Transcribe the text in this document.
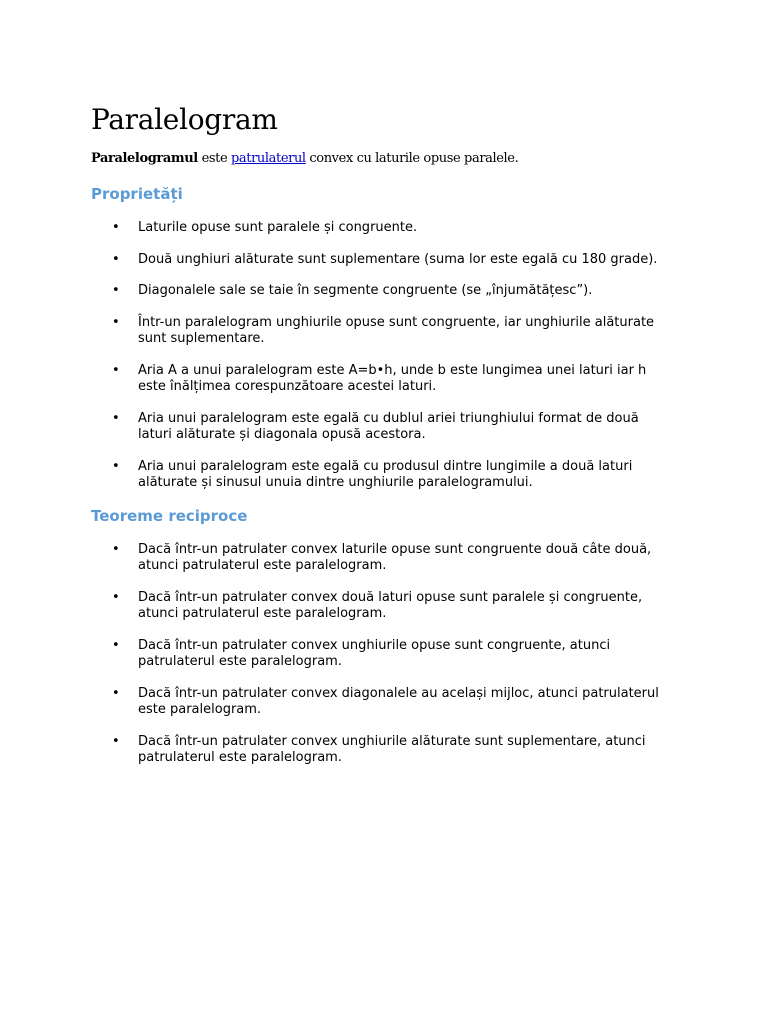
Paralelogram

Paralelogramul este patrulaterul convex cu laturile opuse paralele.

Proprietăți
• Laturile opuse sunt paralele și congruente.
• Două unghiuri alăturate sunt suplementare (suma lor este egală cu 180 grade).
• Diagonalele sale se taie în segmente congruente (se „înjumătățesc”).
• Într-un paralelogram unghiurile opuse sunt congruente, iar unghiurile alăturate sunt suplementare.
• Aria A a unui paralelogram este A=b•h, unde b este lungimea unei laturi iar h este înălțimea corespunzătoare acestei laturi.
• Aria unui paralelogram este egală cu dublul ariei triunghiului format de două laturi alăturate și diagonala opusă acestora.
• Aria unui paralelogram este egală cu produsul dintre lungimile a două laturi alăturate și sinusul unuia dintre unghiurile paralelogramului.
Teoreme reciproce
• Dacă într-un patrulater convex laturile opuse sunt congruente două câte două, atunci patrulaterul este paralelogram.
• Dacă într-un patrulater convex două laturi opuse sunt paralele și congruente, atunci patrulaterul este paralelogram.
• Dacă într-un patrulater convex unghiurile opuse sunt congruente, atunci patrulaterul este paralelogram.
• Dacă într-un patrulater convex diagonalele au același mijloc, atunci patrulaterul este paralelogram.
• Dacă într-un patrulater convex unghiurile alăturate sunt suplementare, atunci patrulaterul este paralelogram.
